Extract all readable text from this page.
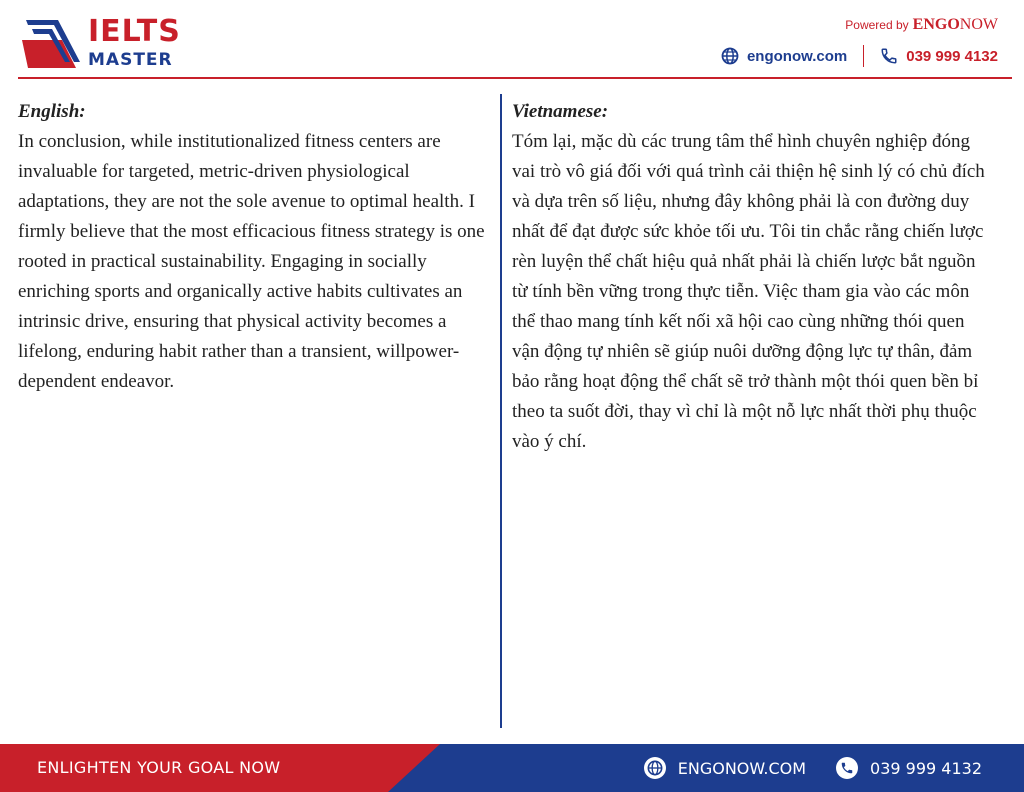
IELTS
MASTER
Powered by ENGONOW
engonow.com	039 999 4132

English:

In conclusion, while institutionalized fitness centers are invaluable for targeted, metric-driven physiological adaptations, they are not the sole avenue to optimal health. I firmly believe that the most efficacious fitness strategy is one rooted in practical sustainability. Engaging in socially enriching sports and organically active habits cultivates an intrinsic drive, ensuring that physical activity becomes a lifelong, enduring habit rather than a transient, willpower-dependent endeavor.

Vietnamese:

Tóm lại, mặc dù các trung tâm thể hình chuyên nghiệp đóng vai trò vô giá đối với quá trình cải thiện hệ sinh lý có chủ đích và dựa trên số liệu, nhưng đây không phải là con đường duy nhất để đạt được sức khỏe tối ưu. Tôi tin chắc rằng chiến lược rèn luyện thể chất hiệu quả nhất phải là chiến lược bắt nguồn từ tính bền vững trong thực tiễn. Việc tham gia vào các môn thể thao mang tính kết nối xã hội cao cùng những thói quen vận động tự nhiên sẽ giúp nuôi dưỡng động lực tự thân, đảm bảo rằng hoạt động thể chất sẽ trở thành một thói quen bền bỉ theo ta suốt đời, thay vì chỉ là một nỗ lực nhất thời phụ thuộc vào ý chí.

ENLIGHTEN YOUR GOAL NOW	ENGONOW.COM	039 999 4132
